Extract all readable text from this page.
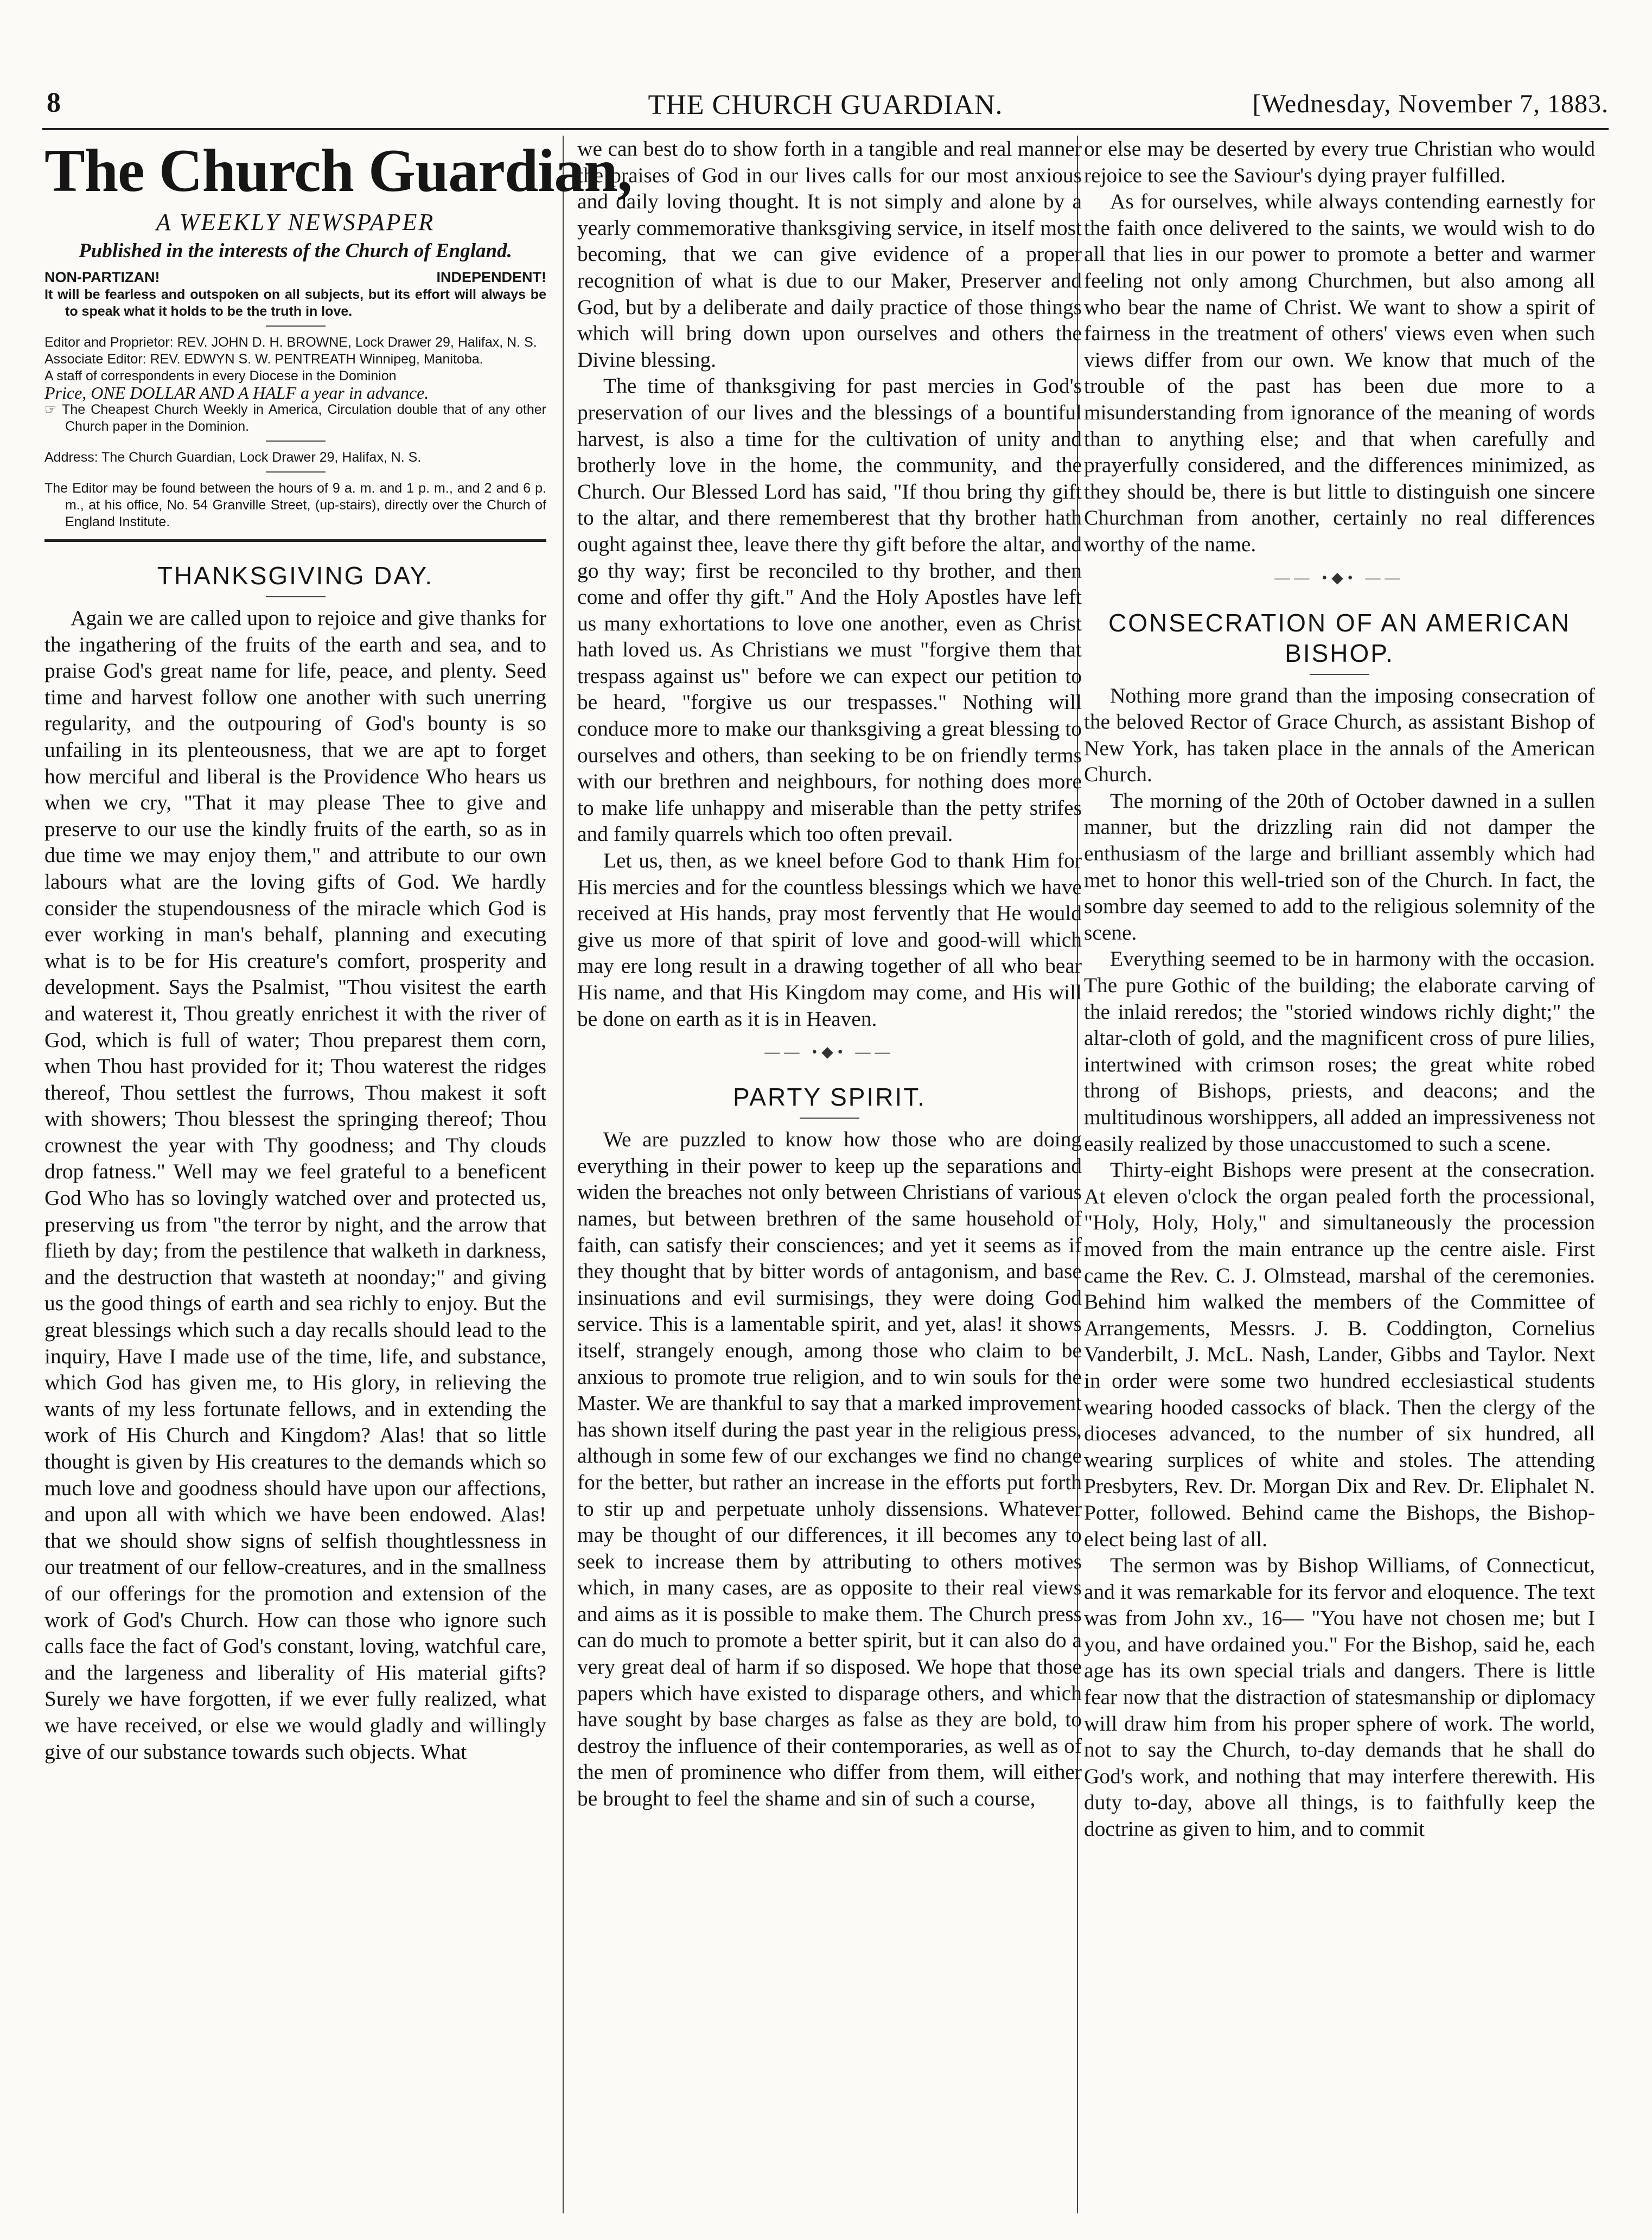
8	THE CHURCH GUARDIAN.	[Wednesday, November 7, 1883.
The Church Guardian,
A WEEKLY NEWSPAPER
Published in the interests of the Church of England.
NON-PARTIZAN!	INDEPENDENT!

It will be fearless and outspoken on all subjects, but its effort will always be to speak what it holds to be the truth in love.

Editor and Proprietor: REV. JOHN D. H. BROWNE, Lock Drawer 29, Halifax, N. S.

Associate Editor: REV. EDWYN S. W. PENTREATH Winnipeg, Manitoba.

A staff of correspondents in every Diocese in the Dominion

Price, ONE DOLLAR AND A HALF a year in advance.

☞ The Cheapest Church Weekly in America, Circulation double that of any other Church paper in the Dominion.

Address: The Church Guardian, Lock Drawer 29, Halifax, N. S.

The Editor may be found between the hours of 9 a. m. and 1 p. m., and 2 and 6 p. m., at his office, No. 54 Granville Street, (up-stairs), directly over the Church of England Institute.

THANKSGIVING DAY.

Again we are called upon to rejoice and give thanks for the ingathering of the fruits of the earth and sea, and to praise God's great name for life, peace, and plenty. Seed time and harvest follow one another with such unerring regularity, and the outpouring of God's bounty is so unfailing in its plenteousness, that we are apt to forget how merciful and liberal is the Providence Who hears us when we cry, "That it may please Thee to give and preserve to our use the kindly fruits of the earth, so as in due time we may enjoy them," and attribute to our own labours what are the loving gifts of God. We hardly consider the stupendousness of the miracle which God is ever working in man's behalf, planning and executing what is to be for His creature's comfort, prosperity and development. Says the Psalmist, "Thou visitest the earth and waterest it, Thou greatly enrichest it with the river of God, which is full of water; Thou preparest them corn, when Thou hast provided for it; Thou waterest the ridges thereof, Thou settlest the furrows, Thou makest it soft with showers; Thou blessest the springing thereof; Thou crownest the year with Thy goodness; and Thy clouds drop fatness." Well may we feel grateful to a beneficent God Who has so lovingly watched over and protected us, preserving us from "the terror by night, and the arrow that flieth by day; from the pestilence that walketh in darkness, and the destruction that wasteth at noonday;" and giving us the good things of earth and sea richly to enjoy. But the great blessings which such a day recalls should lead to the inquiry, Have I made use of the time, life, and substance, which God has given me, to His glory, in relieving the wants of my less fortunate fellows, and in extending the work of His Church and Kingdom? Alas! that so little thought is given by His creatures to the demands which so much love and goodness should have upon our affections, and upon all with which we have been endowed. Alas! that we should show signs of selfish thoughtlessness in our treatment of our fellow-creatures, and in the smallness of our offerings for the promotion and extension of the work of God's Church. How can those who ignore such calls face the fact of God's constant, loving, watchful care, and the largeness and liberality of His material gifts? Surely we have forgotten, if we ever fully realized, what we have received, or else we would gladly and willingly give of our substance towards such objects. What

we can best do to show forth in a tangible and real manner the praises of God in our lives calls for our most anxious and daily loving thought. It is not simply and alone by a yearly commemorative thanksgiving service, in itself most becoming, that we can give evidence of a proper recognition of what is due to our Maker, Preserver and God, but by a deliberate and daily practice of those things which will bring down upon ourselves and others the Divine blessing.

The time of thanksgiving for past mercies in God's preservation of our lives and the blessings of a bountiful harvest, is also a time for the cultivation of unity and brotherly love in the home, the community, and the Church. Our Blessed Lord has said, "If thou bring thy gift to the altar, and there rememberest that thy brother hath ought against thee, leave there thy gift before the altar, and go thy way; first be reconciled to thy brother, and then come and offer thy gift." And the Holy Apostles have left us many exhortations to love one another, even as Christ hath loved us. As Christians we must "forgive them that trespass against us" before we can expect our petition to be heard, "forgive us our trespasses." Nothing will conduce more to make our thanksgiving a great blessing to ourselves and others, than seeking to be on friendly terms with our brethren and neighbours, for nothing does more to make life unhappy and miserable than the petty strifes and family quarrels which too often prevail.

Let us, then, as we kneel before God to thank Him for His mercies and for the countless blessings which we have received at His hands, pray most fervently that He would give us more of that spirit of love and good-will which may ere long result in a drawing together of all who bear His name, and that His Kingdom may come, and His will be done on earth as it is in Heaven.

—— •◆• ——
PARTY SPIRIT.

We are puzzled to know how those who are doing everything in their power to keep up the separations and widen the breaches not only between Christians of various names, but between brethren of the same household of faith, can satisfy their consciences; and yet it seems as if they thought that by bitter words of antagonism, and base insinuations and evil surmisings, they were doing God service. This is a lamentable spirit, and yet, alas! it shows itself, strangely enough, among those who claim to be anxious to promote true religion, and to win souls for the Master. We are thankful to say that a marked improvement has shown itself during the past year in the religious press, although in some few of our exchanges we find no change for the better, but rather an increase in the efforts put forth to stir up and perpetuate unholy dissensions. Whatever may be thought of our differences, it ill becomes any to seek to increase them by attributing to others motives which, in many cases, are as opposite to their real views and aims as it is possible to make them. The Church press can do much to promote a better spirit, but it can also do a very great deal of harm if so disposed. We hope that those papers which have existed to disparage others, and which have sought by base charges as false as they are bold, to destroy the influence of their contemporaries, as well as of the men of prominence who differ from them, will either be brought to feel the shame and sin of such a course,

or else may be deserted by every true Christian who would rejoice to see the Saviour's dying prayer fulfilled.

As for ourselves, while always contending earnestly for the faith once delivered to the saints, we would wish to do all that lies in our power to promote a better and warmer feeling not only among Churchmen, but also among all who bear the name of Christ. We want to show a spirit of fairness in the treatment of others' views even when such views differ from our own. We know that much of the trouble of the past has been due more to a misunderstanding from ignorance of the meaning of words than to anything else; and that when carefully and prayerfully considered, and the differences minimized, as they should be, there is but little to distinguish one sincere Churchman from another, certainly no real differences worthy of the name.

—— •◆• ——
CONSECRATION OF AN AMERICAN BISHOP.

Nothing more grand than the imposing consecration of the beloved Rector of Grace Church, as assistant Bishop of New York, has taken place in the annals of the American Church.

The morning of the 20th of October dawned in a sullen manner, but the drizzling rain did not damper the enthusiasm of the large and brilliant assembly which had met to honor this well-tried son of the Church. In fact, the sombre day seemed to add to the religious solemnity of the scene.

Everything seemed to be in harmony with the occasion. The pure Gothic of the building; the elaborate carving of the inlaid reredos; the "storied windows richly dight;" the altar-cloth of gold, and the magnificent cross of pure lilies, intertwined with crimson roses; the great white robed throng of Bishops, priests, and deacons; and the multitudinous worshippers, all added an impressiveness not easily realized by those unaccustomed to such a scene.

Thirty-eight Bishops were present at the consecration. At eleven o'clock the organ pealed forth the processional, "Holy, Holy, Holy," and simultaneously the procession moved from the main entrance up the centre aisle. First came the Rev. C. J. Olmstead, marshal of the ceremonies. Behind him walked the members of the Committee of Arrangements, Messrs. J. B. Coddington, Cornelius Vanderbilt, J. McL. Nash, Lander, Gibbs and Taylor. Next in order were some two hundred ecclesiastical students wearing hooded cassocks of black. Then the clergy of the dioceses advanced, to the number of six hundred, all wearing surplices of white and stoles. The attending Presbyters, Rev. Dr. Morgan Dix and Rev. Dr. Eliphalet N. Potter, followed. Behind came the Bishops, the Bishop-elect being last of all.

The sermon was by Bishop Williams, of Connecticut, and it was remarkable for its fervor and eloquence. The text was from John xv., 16— "You have not chosen me; but I you, and have ordained you." For the Bishop, said he, each age has its own special trials and dangers. There is little fear now that the distraction of statesmanship or diplomacy will draw him from his proper sphere of work. The world, not to say the Church, to-day demands that he shall do God's work, and nothing that may interfere therewith. His duty to-day, above all things, is to faithfully keep the doctrine as given to him, and to commit
